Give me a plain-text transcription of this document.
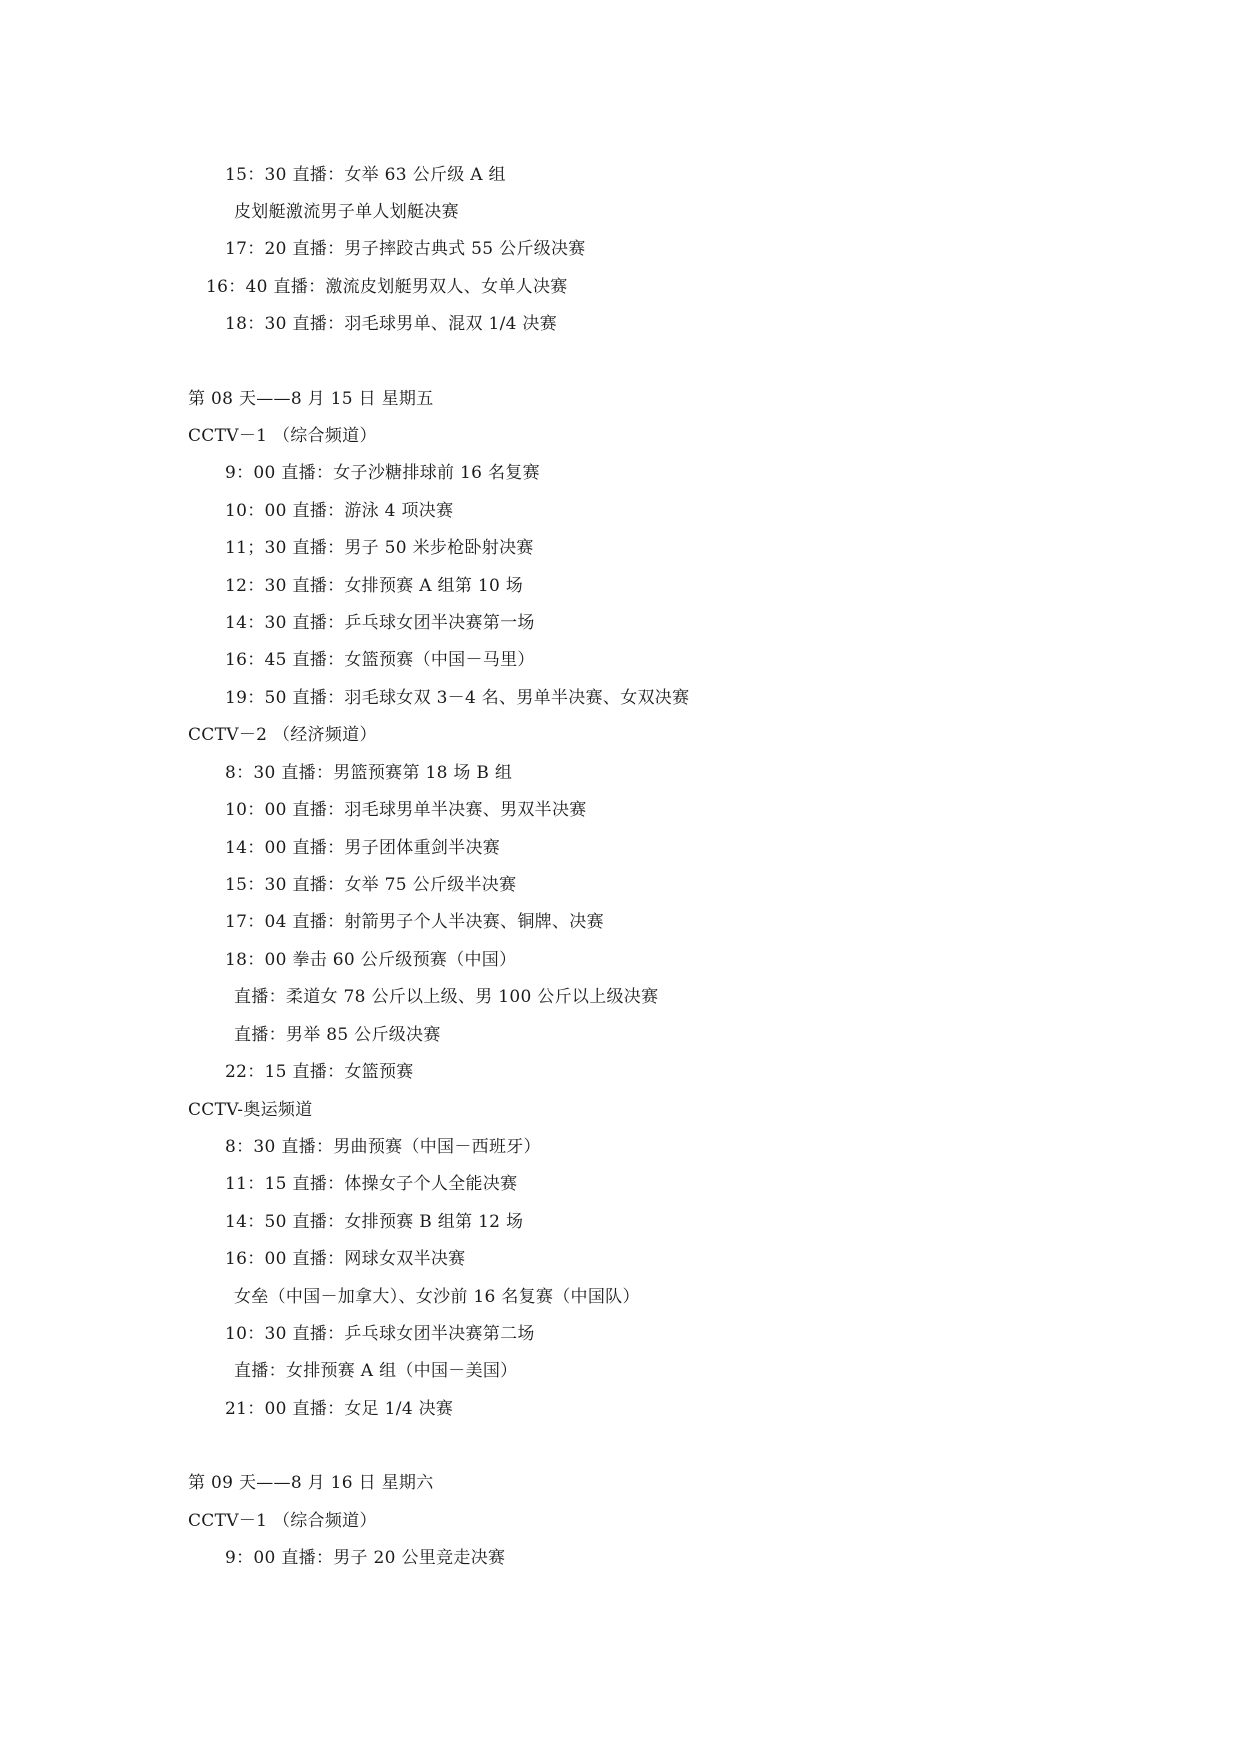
15：30 直播：女举 63 公斤级 A 组
皮划艇激流男子单人划艇决赛
17：20 直播：男子摔跤古典式 55 公斤级决赛
16：40 直播：激流皮划艇男双人、女单人决赛
18：30 直播：羽毛球男单、混双 1/4 决赛
第 08 天——8 月 15 日 星期五
CCTV－1 （综合频道）
9：00 直播：女子沙糖排球前 16 名复赛
10：00 直播：游泳 4 项决赛
11；30 直播：男子 50 米步枪卧射决赛
12：30 直播：女排预赛 A 组第 10 场
14：30 直播：乒乓球女团半决赛第一场
16：45 直播：女篮预赛（中国－马里）
19：50 直播：羽毛球女双 3－4 名、男单半决赛、女双决赛
CCTV－2 （经济频道）
8：30 直播：男篮预赛第 18 场 B 组
10：00 直播：羽毛球男单半决赛、男双半决赛
14：00 直播：男子团体重剑半决赛
15：30 直播：女举 75 公斤级半决赛
17：04 直播：射箭男子个人半决赛、铜牌、决赛
18：00 拳击 60 公斤级预赛（中国）
直播：柔道女 78 公斤以上级、男 100 公斤以上级决赛
直播：男举 85 公斤级决赛
22：15 直播：女篮预赛
CCTV-奥运频道
8：30 直播：男曲预赛（中国－西班牙）
11：15 直播：体操女子个人全能决赛
14：50 直播：女排预赛 B 组第 12 场
16：00 直播：网球女双半决赛
女垒（中国－加拿大）、女沙前 16 名复赛（中国队）
10：30 直播：乒乓球女团半决赛第二场
直播：女排预赛 A 组（中国－美国）
21：00 直播：女足 1/4 决赛
第 09 天——8 月 16 日 星期六
CCTV－1 （综合频道）
9：00 直播：男子 20 公里竞走决赛
